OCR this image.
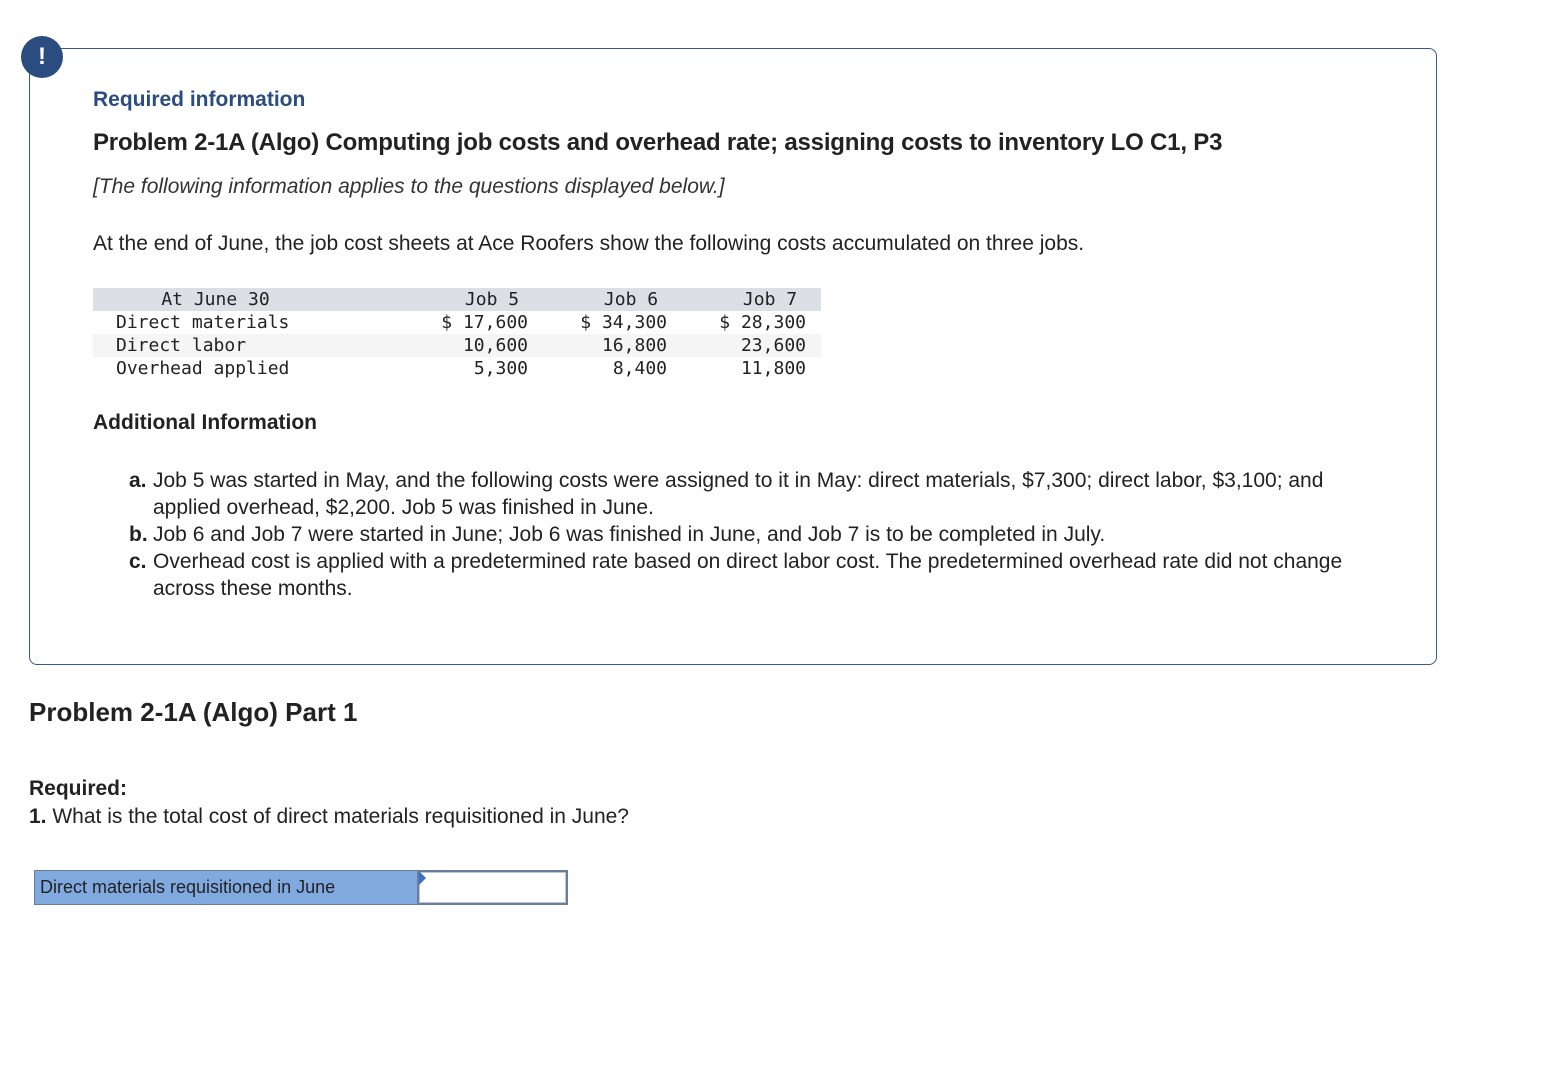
!
Required information
Problem 2-1A (Algo) Computing job costs and overhead rate; assigning costs to inventory LO C1, P3
[The following information applies to the questions displayed below.]
At the end of June, the job cost sheets at Ace Roofers show the following costs accumulated on three jobs.
At June 30	Job 5	Job 6	Job 7
Direct materials	$ 17,600	$ 34,300	$ 28,300
Direct labor	10,600	16,800	23,600
Overhead applied	5,300	8,400	11,800
Additional Information
a. Job 5 was started in May, and the following costs were assigned to it in May: direct materials, $7,300; direct labor, $3,100; and applied overhead, $2,200. Job 5 was finished in June.
b. Job 6 and Job 7 were started in June; Job 6 was finished in June, and Job 7 is to be completed in July.
c. Overhead cost is applied with a predetermined rate based on direct labor cost. The predetermined overhead rate did not change across these months.
Problem 2-1A (Algo) Part 1
Required:
1. What is the total cost of direct materials requisitioned in June?
Direct materials requisitioned in June
